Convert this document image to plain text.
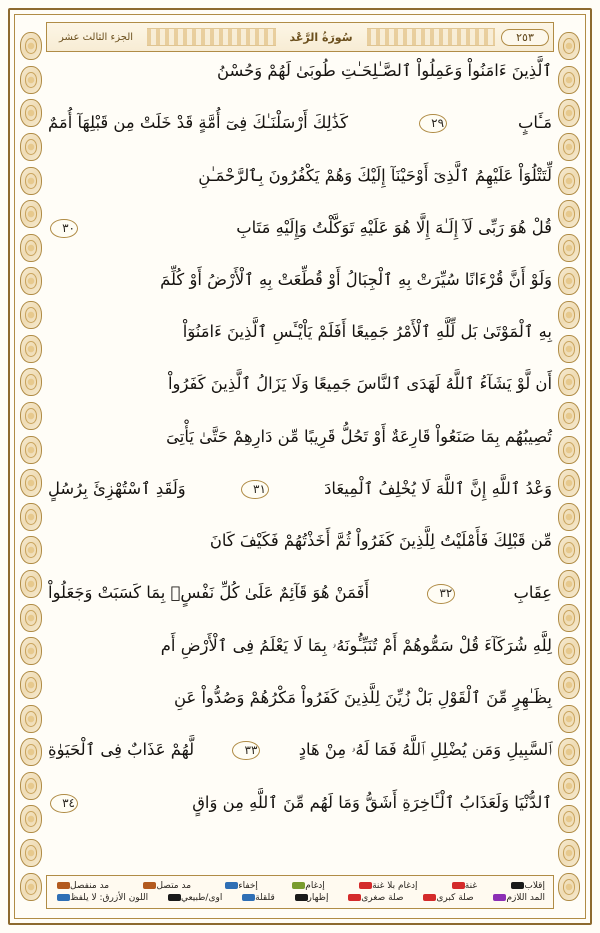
الجزء الثالث عشر	سُورَةُ الرَّعْد	٢٥٣
ٱلَّذِينَ ءَامَنُواْ وَعَمِلُواْ ٱلصَّـٰلِحَـٰتِ طُوبَىٰ لَهُمْ وَحُسْنُ
مَـَٔابٍ
٢٩
كَذَٰلِكَ أَرْسَلْنَـٰكَ فِىٓ أُمَّةٍ قَدْ خَلَتْ مِن قَبْلِهَآ أُمَمٌ
لِّتَتْلُوَاْ عَلَيْهِمُ ٱلَّذِىٓ أَوْحَيْنَآ إِلَيْكَ وَهُمْ يَكْفُرُونَ بِٱلرَّحْمَـٰنِ
قُلْ هُوَ رَبِّى لَآ إِلَـٰهَ إِلَّا هُوَ عَلَيْهِ تَوَكَّلْتُ وَإِلَيْهِ مَتَابِ
٣٠
وَلَوْ أَنَّ قُرْءَانًا سُيِّرَتْ بِهِ ٱلْجِبَالُ أَوْ قُطِّعَتْ بِهِ ٱلْأَرْضُ أَوْ كُلِّمَ
بِهِ ٱلْمَوْتَىٰ بَل لِّلَّهِ ٱلْأَمْرُ جَمِيعًا أَفَلَمْ يَاْيْـَٔسِ ٱلَّذِينَ ءَامَنُوٓاْ
أَن لَّوْ يَشَآءُ ٱللَّهُ لَهَدَى ٱلنَّاسَ جَمِيعًا وَلَا يَزَالُ ٱلَّذِينَ كَفَرُواْ
تُصِيبُهُم بِمَا صَنَعُواْ قَارِعَةٌ أَوْ تَحُلُّ قَرِيبًا مِّن دَارِهِمْ حَتَّىٰ يَأْتِىَ
وَعْدُ ٱللَّهِ إِنَّ ٱللَّهَ لَا يُخْلِفُ ٱلْمِيعَادَ
٣١
وَلَقَدِ ٱسْتُهْزِئَ بِرُسُلٍ
مِّن قَبْلِكَ فَأَمْلَيْتُ لِلَّذِينَ كَفَرُواْ ثُمَّ أَخَذْتُهُمْ فَكَيْفَ كَانَ
عِقَابِ
٣٢
أَفَمَنْ هُوَ قَآئِمٌ عَلَىٰ كُلِّ نَفْسٍۭ بِمَا كَسَبَتْ وَجَعَلُواْ
لِلَّهِ شُرَكَآءَ قُلْ سَمُّوهُمْ أَمْ تُنَبِّـُٔونَهُۥ بِمَا لَا يَعْلَمُ فِى ٱلْأَرْضِ أَم
بِظَـٰهِرٍ مِّنَ ٱلْقَوْلِ بَلْ زُيِّنَ لِلَّذِينَ كَفَرُواْ مَكْرُهُمْ وَصُدُّواْ عَنِ
ٱلسَّبِيلِ وَمَن يُضْلِلِ ٱللَّهُ فَمَا لَهُۥ مِنْ هَادٍ
٣٣
لَّهُمْ عَذَابٌ فِى ٱلْحَيَوٰةِ
ٱلدُّنْيَا وَلَعَذَابُ ٱلْـَٔاخِرَةِ أَشَقُّ وَمَا لَهُم مِّنَ ٱللَّهِ مِن وَاقٍ
٣٤
إقلاب
غنة
إدغام بلا غنة
إدغام
إخفاء
مد متصل
مد منفصل
المد اللازم
صلة كبرى
صلة صغرى
إظهار
قلقلة
اوى/طبيعي
اللون الأزرق: لا يلفظ
